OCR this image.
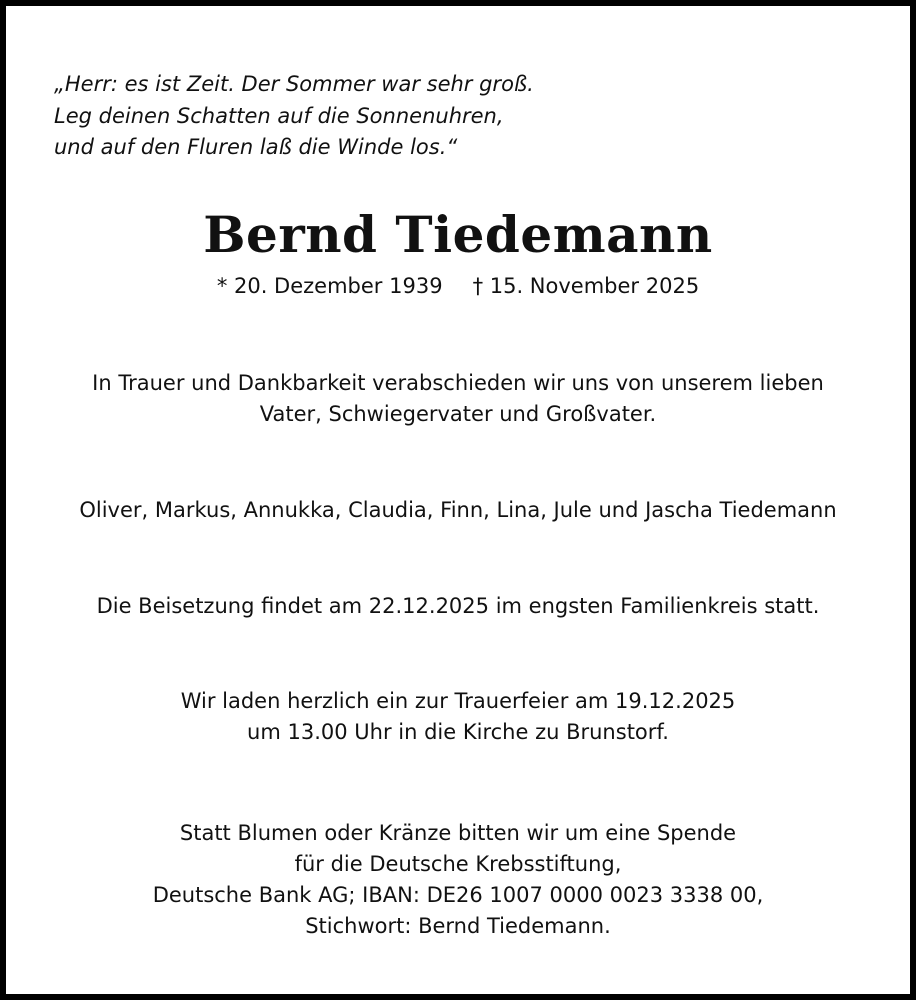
„Herr: es ist Zeit. Der Sommer war sehr groß.
Leg deinen Schatten auf die Sonnenuhren,
und auf den Fluren laß die Winde los.“
Bernd Tiedemann
* 20. Dezember 1939 † 15. November 2025
In Trauer und Dankbarkeit verabschieden wir uns von unserem lieben
Vater, Schwiegervater und Großvater.
Oliver, Markus, Annukka, Claudia, Finn, Lina, Jule und Jascha Tiedemann
Die Beisetzung findet am 22.12.2025 im engsten Familienkreis statt.
Wir laden herzlich ein zur Trauerfeier am 19.12.2025
um 13.00 Uhr in die Kirche zu Brunstorf.
Statt Blumen oder Kränze bitten wir um eine Spende
für die Deutsche Krebsstiftung,
Deutsche Bank AG; IBAN: DE26 1007 0000 0023 3338 00,
Stichwort: Bernd Tiedemann.
